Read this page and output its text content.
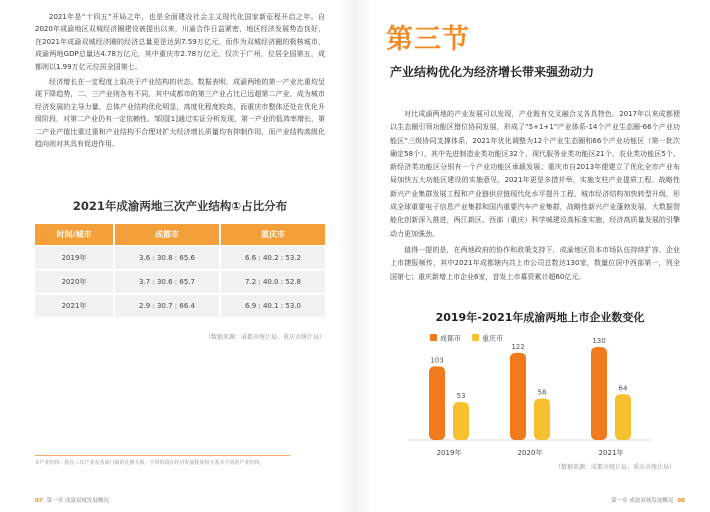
2021年是“十四五”开局之年，也是全面建设社会主义现代化国家新征程开启之年。自2020年成渝地区双城经济圈建设被提出以来，川渝合作日益紧密，地区经济发展势态良好，在2021年成渝双城经济圈的经济总量更是达到7.59万亿元，而作为双城经济圈的极核城市，成渝两地GDP总量达4.78万亿元，其中重庆市2.78万亿元，仅次于广州，位居全国第五，成都则以1.99万亿元位居全国第七。

经济增长在一定程度上取决于产业结构的状态。数据表明，成渝两地的第一产业比重均呈现下降趋势，二、三产业则各有不同，其中成都市的第三产业占比已远超第二产业，成为城市经济发展的主导力量，总体产业结构优化明显，高度化程度较高，而重庆市整体还处在优化升级阶段，对第二产业仍有一定依赖性。邹园[1]通过实证分析发现，第一产业的低效率增长，第二产业产值比重过重和产业结构不合理对扩大经济增长质量均有抑制作用，而产业结构高级化趋向则对其具有促进作用。

2021年成渝两地三次产业结构①占比分布
时间/城市	成都市	重庆市
2019年	3.6 : 30.8 : 65.6	6.6 : 40.2 : 53.2
2020年	3.7 : 30.6 : 65.7	7.2 : 40.0 : 52.8
2021年	2.9 : 30.7 : 66.4	6.9 : 40.1 : 53.0
（数据来源：成都市统计局、重庆市统计局）
①产业结构：指在三次产业及各部门间的比例关系，不同阶段在经济发展程度相互基本不同的产业结构。
07 第一章 成渝双城发展概况
第三节
产业结构优化为经济增长带来强劲动力

对比成渝两地的产业发展可以发现，产业既有交叉融合又各具特色。2017年以来成都便以生态圈引领功能区错位协同发展，形成了“5+1+1”产业体系-14个产业生态圈-66个产业功能区”三级协同支撑体系，2021年优化调整为12个产业生态圈和66个产业功能区（第一批次确定58个），其中先进制造业类功能区32个、现代服务业类功能区21个、农业类功能区5个、新经济类功能区分别有一个产业功能区承载发展；重庆市自2013年便建立了优化全市产业布局加快五大功能区建设的实施意见，2021年更是多措并举，实施支柱产业提质工程、战略性新兴产业集群发展工程和产业链供应链现代化水平提升工程，城市经济结构加快转型升级，形成全球重要电子信息产业集群和国内重要汽车产业集群，战略性新兴产业蓬勃发展，大数据智能化创新深入推进，两江新区、西部（重庆）科学城建设高标准实施，经济高质量发展的引擎动力更加强劲。

值得一提的是，在两地政府的协作和政策支持下，成渝地区资本市场队伍持续扩容，企业上市捷报频传，其中2021年成都辖内共上市公司总数达130家，数量位居中西部第一，列全国第七；重庆新增上市企业6家，首发上市募资累计超60亿元。

2019年-2021年成渝两地上市企业数变化
成都市	重庆市
103
53
2019年
122
58
2020年
130
64
2021年
（数据来源：成都市统计局、重庆市统计局）
第一章 成渝双城发展概况 08
